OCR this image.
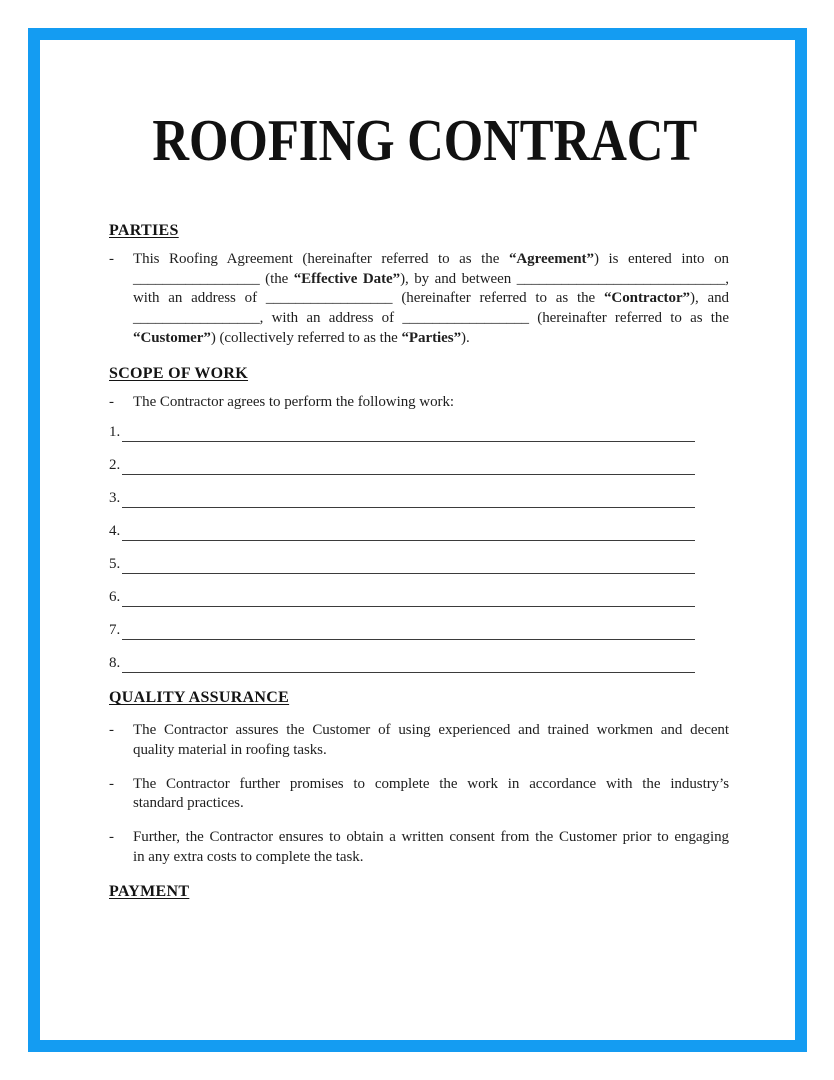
ROOFING CONTRACT
PARTIES
- This Roofing Agreement (hereinafter referred to as the “Agreement”) is entered into on
_________________ (the “Effective Date”), by and between ____________________________,
with an address of _________________ (hereinafter referred to as the “Contractor”), and
_________________, with an address of _________________ (hereinafter referred to as the
“Customer”) (collectively referred to as the “Parties”).
SCOPE OF WORK
- The Contractor agrees to perform the following work:
1.
2.
3.
4.
5.
6.
7.
8.
QUALITY ASSURANCE
- The Contractor assures the Customer of using experienced and trained workmen and decent
quality material in roofing tasks.
- The Contractor further promises to complete the work in accordance with the industry’s
standard practices.
- Further, the Contractor ensures to obtain a written consent from the Customer prior to engaging
in any extra costs to complete the task.
PAYMENT
